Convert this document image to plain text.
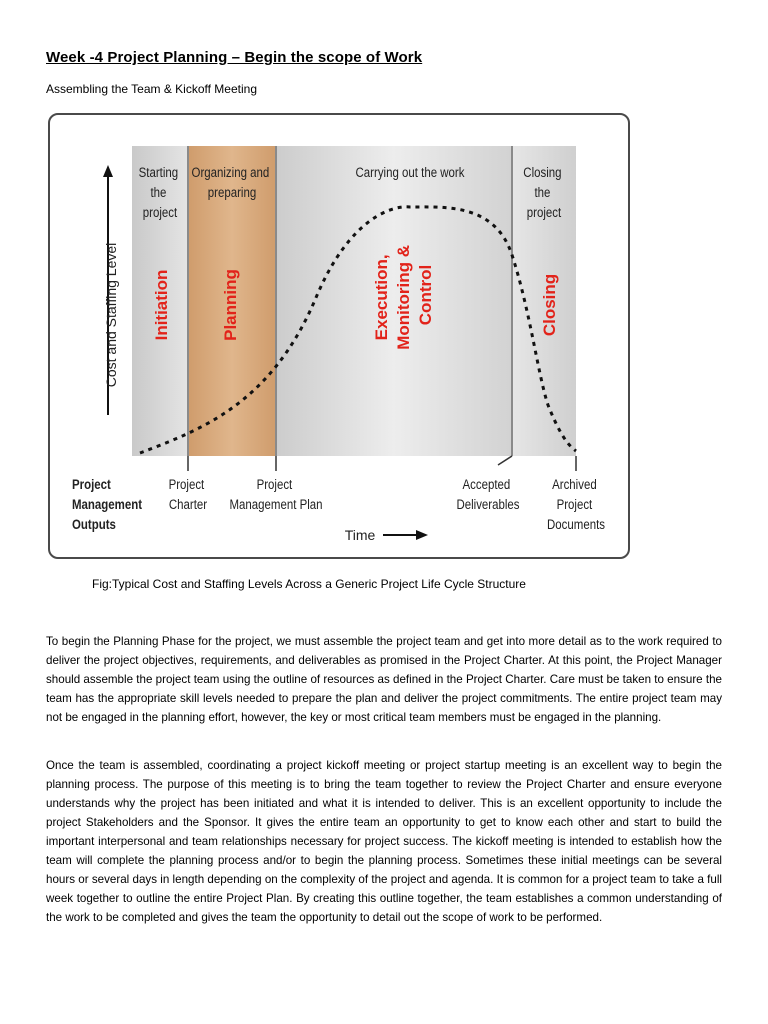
Week -4 Project Planning – Begin the scope of Work
Assembling the Team & Kickoff Meeting
Starting the project
Organizing and preparing
Carrying out the work	Closing the project
Initiation	Planning	Execution, Monitoring & Control	Closing
Cost and Staffing Level
Project Management Outputs
Project Charter
Project Management Plan
Accepted Deliverables
Archived Project Documents
Time
Fig:Typical Cost and Staffing Levels Across a Generic Project Life Cycle Structure

To begin the Planning Phase for the project, we must assemble the project team and get into more detail as to the work required to deliver the project objectives, requirements, and deliverables as promised in the Project Charter. At this point, the Project Manager should assemble the project team using the outline of resources as defined in the Project Charter. Care must be taken to ensure the team has the appropriate skill levels needed to prepare the plan and deliver the project commitments. The entire project team may not be engaged in the planning effort, however, the key or most critical team members must be engaged in the planning.

Once the team is assembled, coordinating a project kickoff meeting or project startup meeting is an excellent way to begin the planning process. The purpose of this meeting is to bring the team together to review the Project Charter and ensure everyone understands why the project has been initiated and what it is intended to deliver. This is an excellent opportunity to include the project Stakeholders and the Sponsor. It gives the entire team an opportunity to get to know each other and start to build the important interpersonal and team relationships necessary for project success. The kickoff meeting is intended to establish how the team will complete the planning process and/or to begin the planning process. Sometimes these initial meetings can be several hours or several days in length depending on the complexity of the project and agenda. It is common for a project team to take a full week together to outline the entire Project Plan. By creating this outline together, the team establishes a common understanding of the work to be completed and gives the team the opportunity to detail out the scope of work to be performed.
